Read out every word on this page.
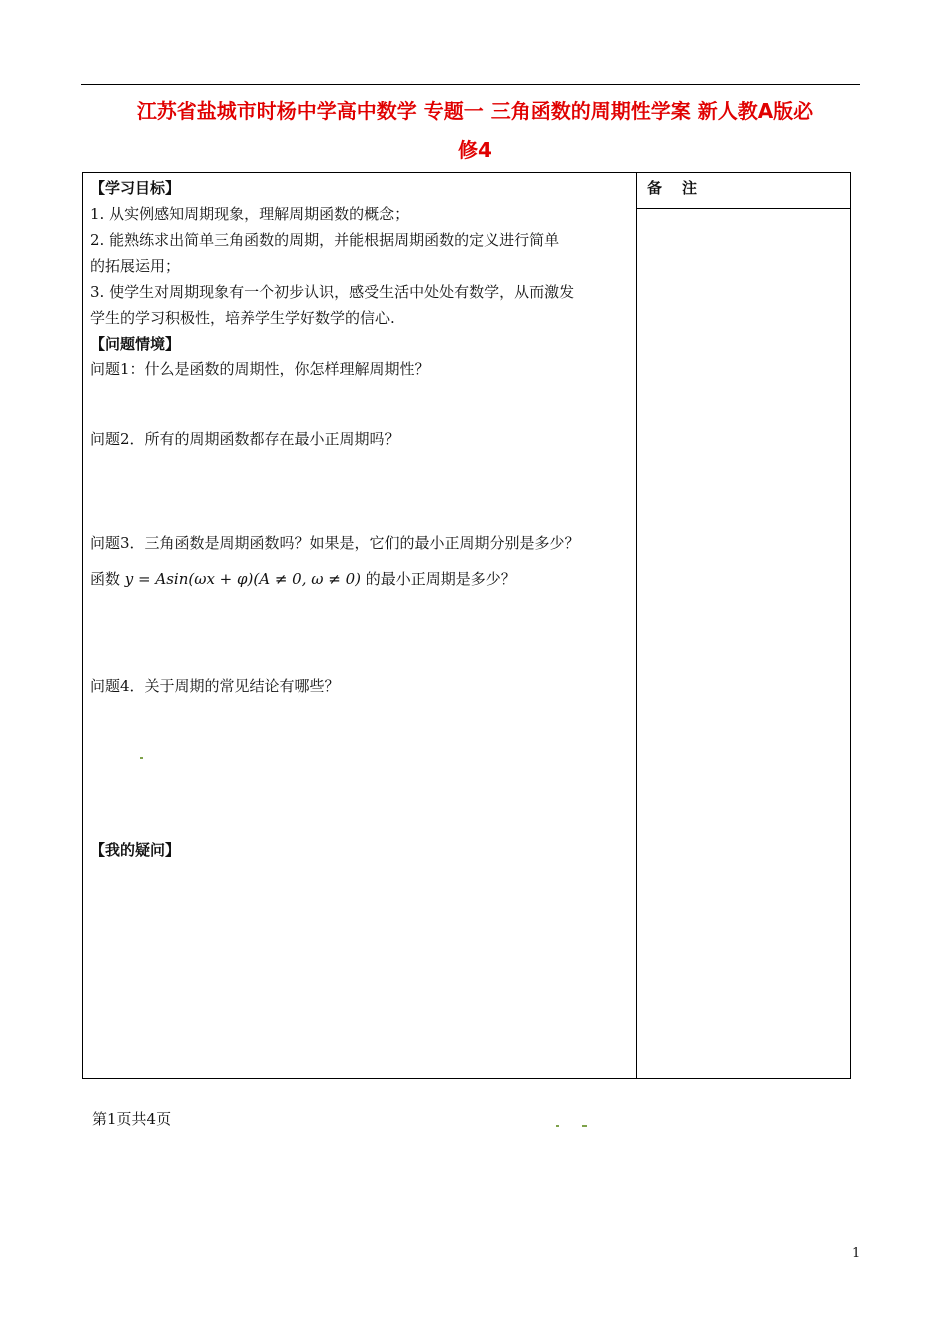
江苏省盐城市时杨中学高中数学 专题一 三角函数的周期性学案 新人教A版必
修4
备注
【学习目标】
1. 从实例感知周期现象，理解周期函数的概念；
2. 能熟练求出简单三角函数的周期，并能根据周期函数的定义进行简单
的拓展运用；
3. 使学生对周期现象有一个初步认识，感受生活中处处有数学，从而激发
学生的学习积极性，培养学生学好数学的信心.
【问题情境】
问题1：什么是函数的周期性，你怎样理解周期性？
问题2．所有的周期函数都存在最小正周期吗？
问题3．三角函数是周期函数吗？如果是，它们的最小正周期分别是多少？
函数 y = Asin(ωx + φ)(A ≠ 0, ω ≠ 0) 的最小正周期是多少？
问题4．关于周期的常见结论有哪些？
【我的疑问】
第1页共4页
1
